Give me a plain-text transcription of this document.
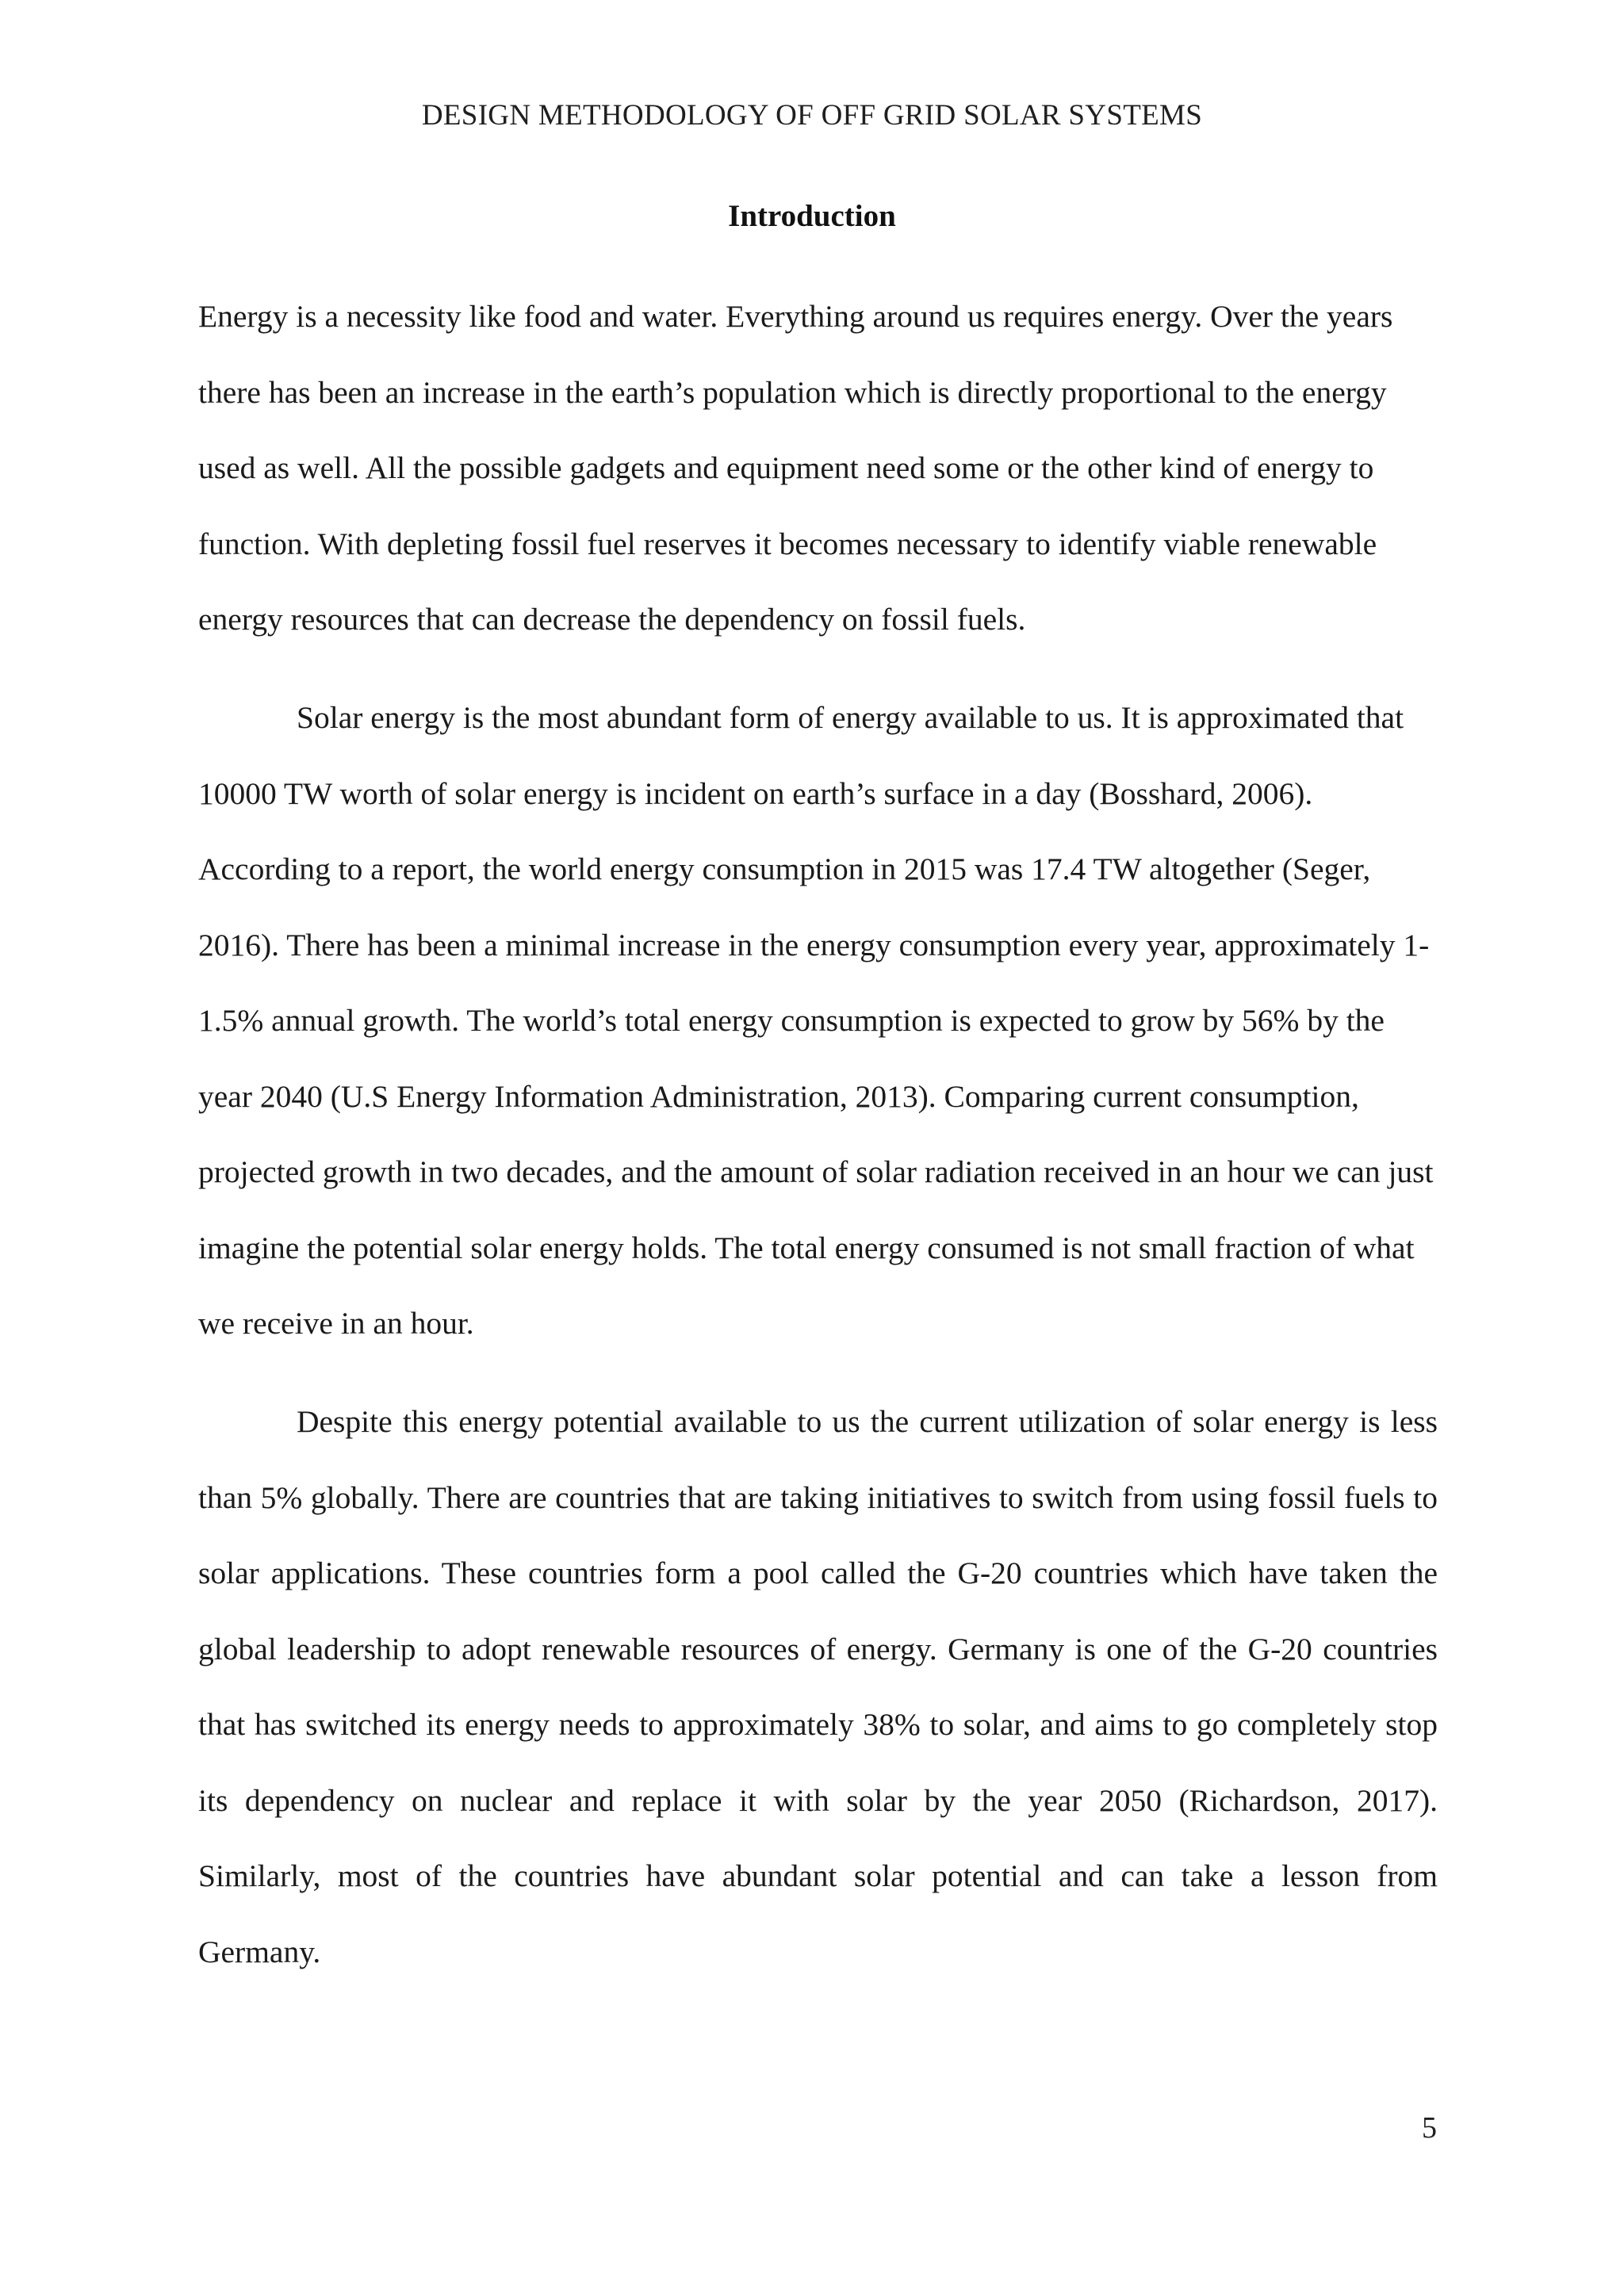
DESIGN METHODOLOGY OF OFF GRID SOLAR SYSTEMS
Introduction

Energy is a necessity like food and water. Everything around us requires energy. Over the years there has been an increase in the earth’s population which is directly proportional to the energy used as well. All the possible gadgets and equipment need some or the other kind of energy to function. With depleting fossil fuel reserves it becomes necessary to identify viable renewable energy resources that can decrease the dependency on fossil fuels.

Solar energy is the most abundant form of energy available to us. It is approximated that 10000 TW worth of solar energy is incident on earth’s surface in a day (Bosshard, 2006). According to a report, the world energy consumption in 2015 was 17.4 TW altogether (Seger, 2016). There has been a minimal increase in the energy consumption every year, approximately 1-1.5% annual growth. The world’s total energy consumption is expected to grow by 56% by the year 2040 (U.S Energy Information Administration, 2013). Comparing current consumption, projected growth in two decades, and the amount of solar radiation received in an hour we can just imagine the potential solar energy holds. The total energy consumed is not small fraction of what we receive in an hour.

Despite this energy potential available to us the current utilization of solar energy is less than 5% globally. There are countries that are taking initiatives to switch from using fossil fuels to solar applications. These countries form a pool called the G-20 countries which have taken the global leadership to adopt renewable resources of energy. Germany is one of the G-20 countries that has switched its energy needs to approximately 38% to solar, and aims to go completely stop its dependency on nuclear and replace it with solar by the year 2050 (Richardson, 2017). Similarly, most of the countries have abundant solar potential and can take a lesson from Germany.

5
